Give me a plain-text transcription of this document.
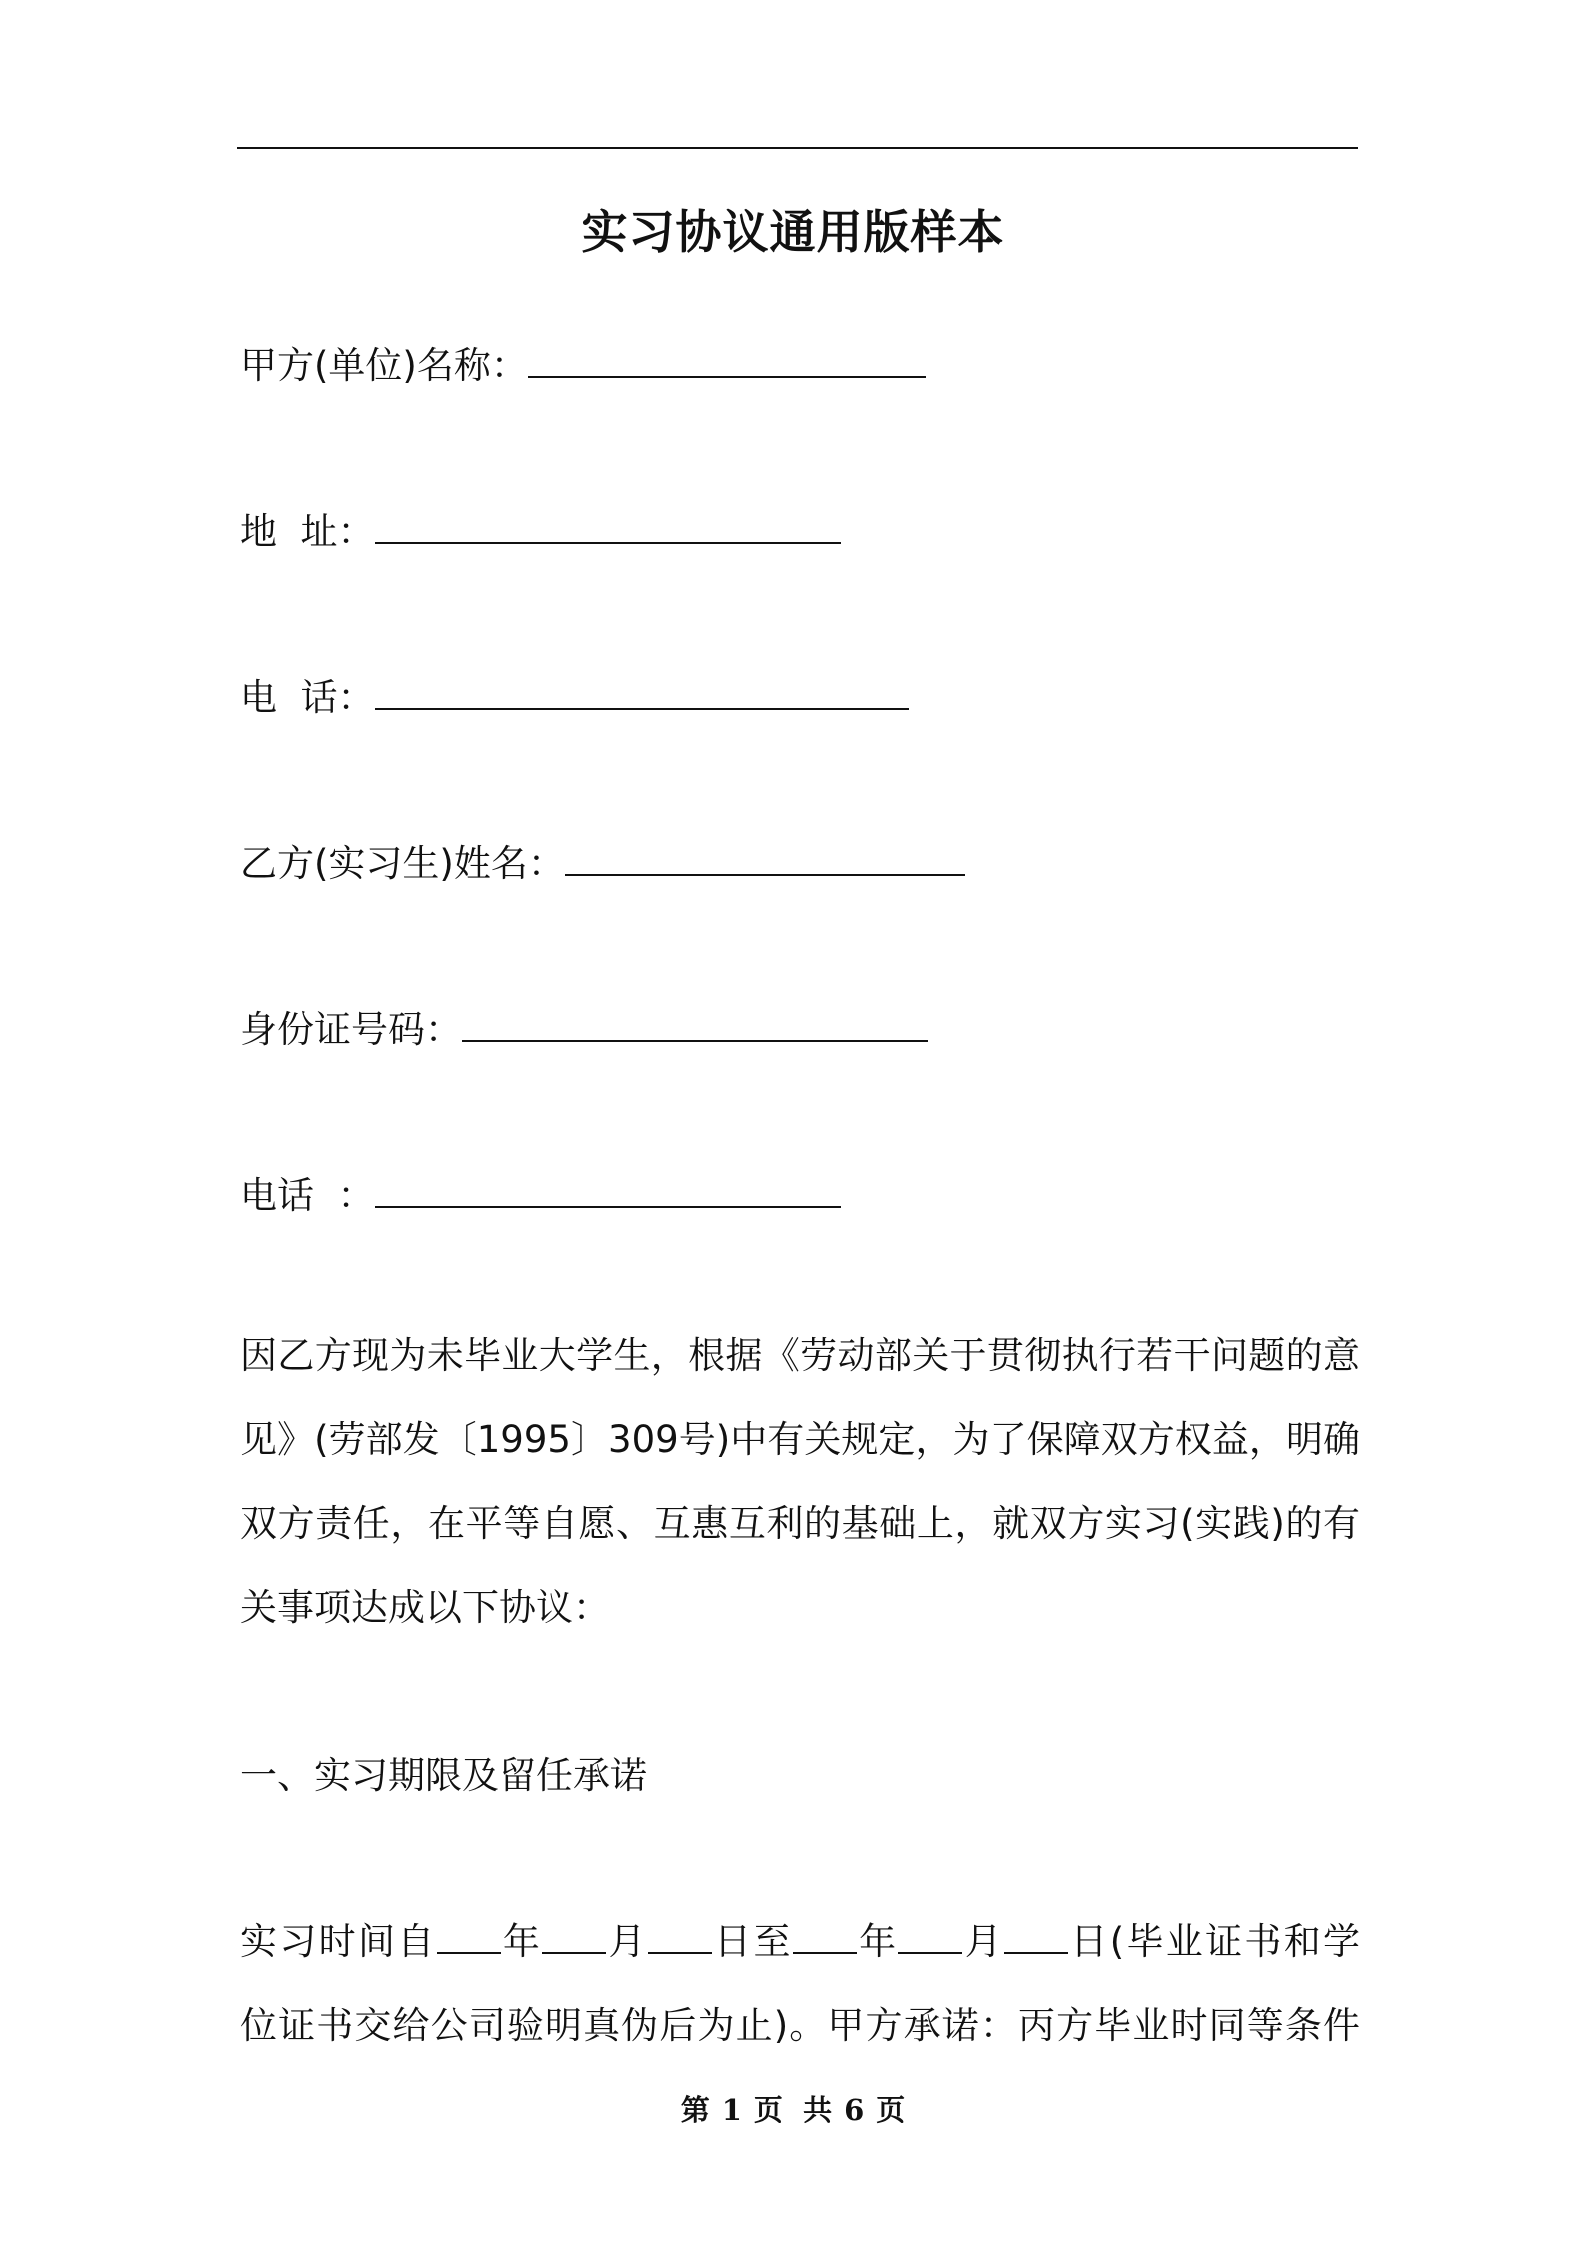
实习协议通用版样本
甲方(单位)名称：
地  址：
电  话：
乙方(实习生)姓名：
身份证号码：
电话  ：
因乙方现为未毕业大学生，根据《劳动部关于贯彻执行若干问题的意
见》(劳部发〔1995〕309号)中有关规定，为了保障双方权益，明确
双方责任，在平等自愿、互惠互利的基础上，就双方实习(实践)的有
关事项达成以下协议：
一、实习期限及留任承诺
实习时间自 年 月 日至 年 月 日(毕业证书和学
位证书交给公司验明真伪后为止)。甲方承诺：丙方毕业时同等条件
第 1 页  共 6 页
